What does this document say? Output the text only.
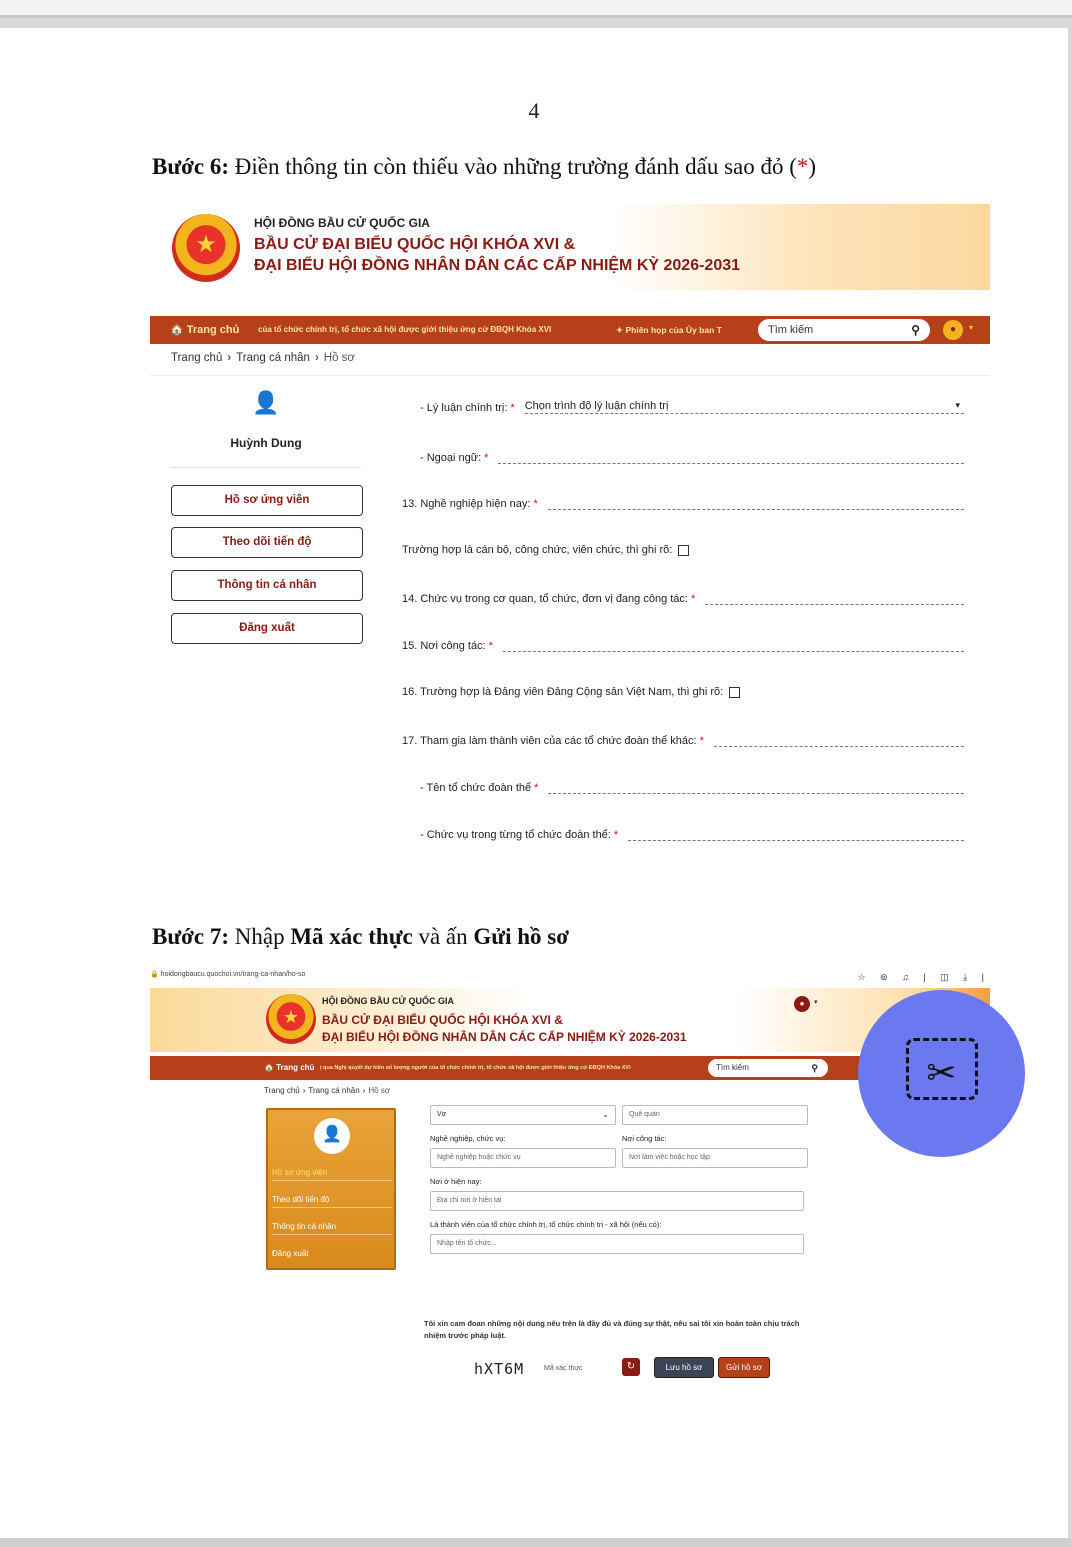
4
Bước 6: Điền thông tin còn thiếu vào những trường đánh dấu sao đỏ (*)
★
HỘI ĐỒNG BẦU CỬ QUỐC GIA
BẦU CỬ ĐẠI BIỂU QUỐC HỘI KHÓA XVI &
ĐẠI BIỂU HỘI ĐỒNG NHÂN DÂN CÁC CẤP NHIỆM KỲ 2026-2031
🏠 Trang chủ của tổ chức chính trị, tổ chức xã hội được giới thiệu ứng cử ĐBQH Khóa XVI	✦ Phiên họp của Ủy ban T	Tìm kiếm	⚲	●	▾
Trang chủ › Trang cá nhân › Hồ sơ
👤
Huỳnh Dung
Hồ sơ ứng viên
Theo dõi tiến độ
Thông tin cá nhân
Đăng xuất
- Lý luận chính trị: * Chọn trình độ lý luận chính trị	▾
- Ngoại ngữ: *
13. Nghề nghiệp hiện nay: *
Trường hợp là cán bộ, công chức, viên chức, thì ghi rõ:
14. Chức vụ trong cơ quan, tổ chức, đơn vị đang công tác: *
15. Nơi công tác: *
16. Trường hợp là Đảng viên Đảng Cộng sản Việt Nam, thì ghi rõ:
17. Tham gia làm thành viên của các tổ chức đoàn thể khác: *
- Tên tổ chức đoàn thể *
- Chức vụ trong từng tổ chức đoàn thể: *
Bước 7: Nhập Mã xác thực và ấn Gửi hồ sơ
🔒 hoidongbaucu.quochoi.vn/trang-ca-nhan/ho-so	☆ ⊚ ♫ | ◫ ⤓ |
★
HỘI ĐỒNG BẦU CỬ QUỐC GIA
BẦU CỬ ĐẠI BIỂU QUỐC HỘI KHÓA XVI &
ĐẠI BIỂU HỘI ĐỒNG NHÂN DÂN CÁC CẤP NHIỆM KỲ 2026-2031
●	▾
🏠 Trang chủ ị qua Nghị quyết dự kiến số lượng người của tổ chức chính trị, tổ chức xã hội được giới thiệu ứng cử ĐBQH Khóa XVI	Tìm kiếm	⚲
Trang chủ › Trang cá nhân › Hồ sơ
👤
Hồ sơ ứng viên
Theo dõi tiến độ
Thông tin cá nhân
Đăng xuất
Vợ	⌄	Quê quán
Nghề nghiệp, chức vụ:	Nơi công tác:
Nghề nghiệp hoặc chức vụ	Nơi làm việc hoặc học tập
Nơi ở hiện nay:
Địa chỉ nơi ở hiện tại
Là thành viên của tổ chức chính trị, tổ chức chính trị - xã hội (nếu có):
Nhập tên tổ chức...
Tôi xin cam đoan những nội dung nêu trên là đầy đủ và đúng sự thật, nếu sai tôi xin hoàn toàn chịu trách nhiệm trước pháp luật.
hXT6M	Mã xác thực	↻	Lưu hồ sơ	Gửi hồ sơ
✂
